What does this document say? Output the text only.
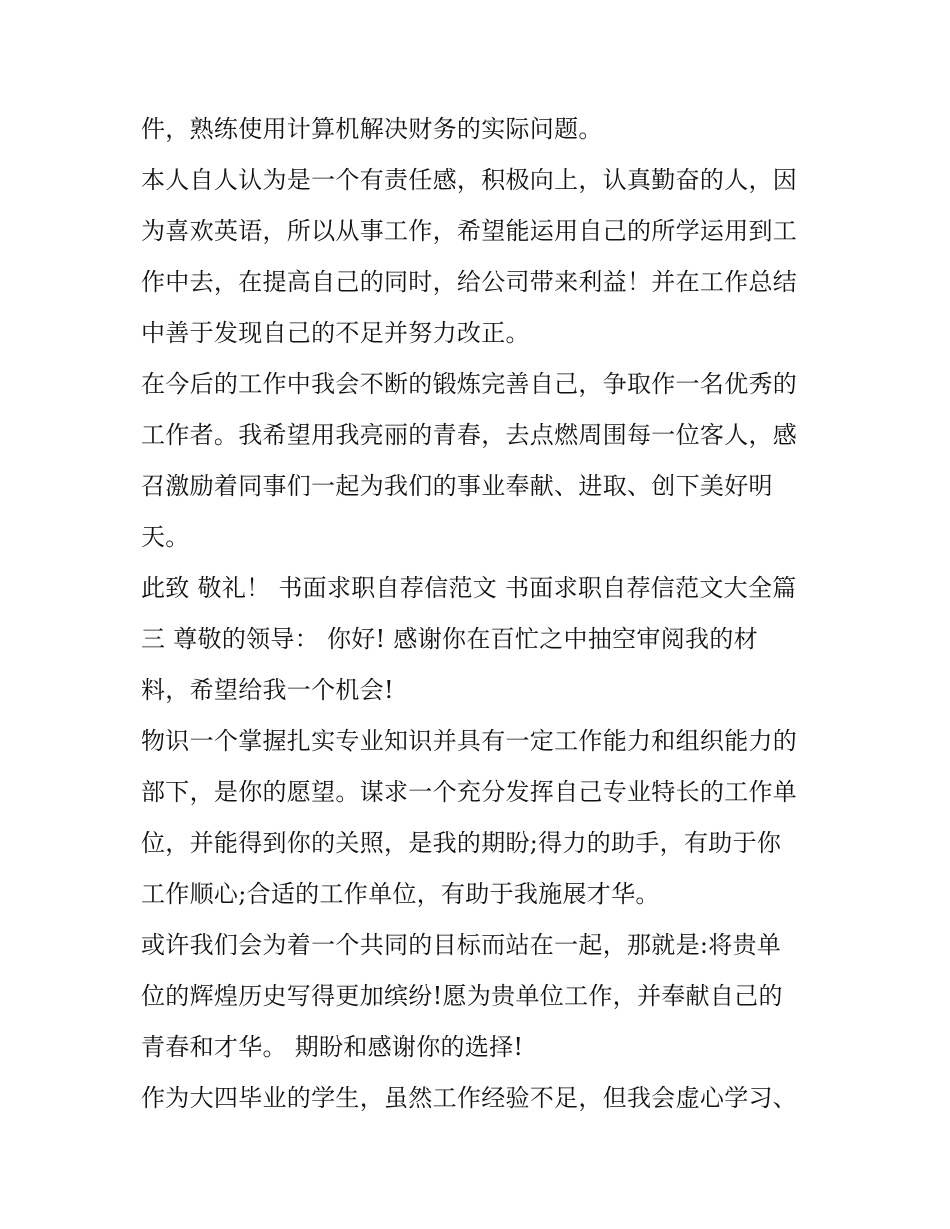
件，熟练使用计算机解决财务的实际问题。
本人自人认为是一个有责任感，积极向上，认真勤奋的人，因
为喜欢英语，所以从事工作，希望能运用自己的所学运用到工
作中去，在提高自己的同时，给公司带来利益！并在工作总结
中善于发现自己的不足并努力改正。
在今后的工作中我会不断的锻炼完善自己，争取作一名优秀的
工作者。我希望用我亮丽的青春，去点燃周围每一位客人，感
召激励着同事们一起为我们的事业奉献、进取、创下美好明
天。
此致 敬礼！ 书面求职自荐信范文 书面求职自荐信范文大全篇
三 尊敬的领导： 你好! 感谢你在百忙之中抽空审阅我的材
料，希望给我一个机会!
物识一个掌握扎实专业知识并具有一定工作能力和组织能力的
部下，是你的愿望。谋求一个充分发挥自己专业特长的工作单
位，并能得到你的关照，是我的期盼;得力的助手，有助于你
工作顺心;合适的工作单位，有助于我施展才华。
或许我们会为着一个共同的目标而站在一起，那就是:将贵单
位的辉煌历史写得更加缤纷!愿为贵单位工作，并奉献自己的
青春和才华。 期盼和感谢你的选择!
作为大四毕业的学生，虽然工作经验不足，但我会虚心学习、
